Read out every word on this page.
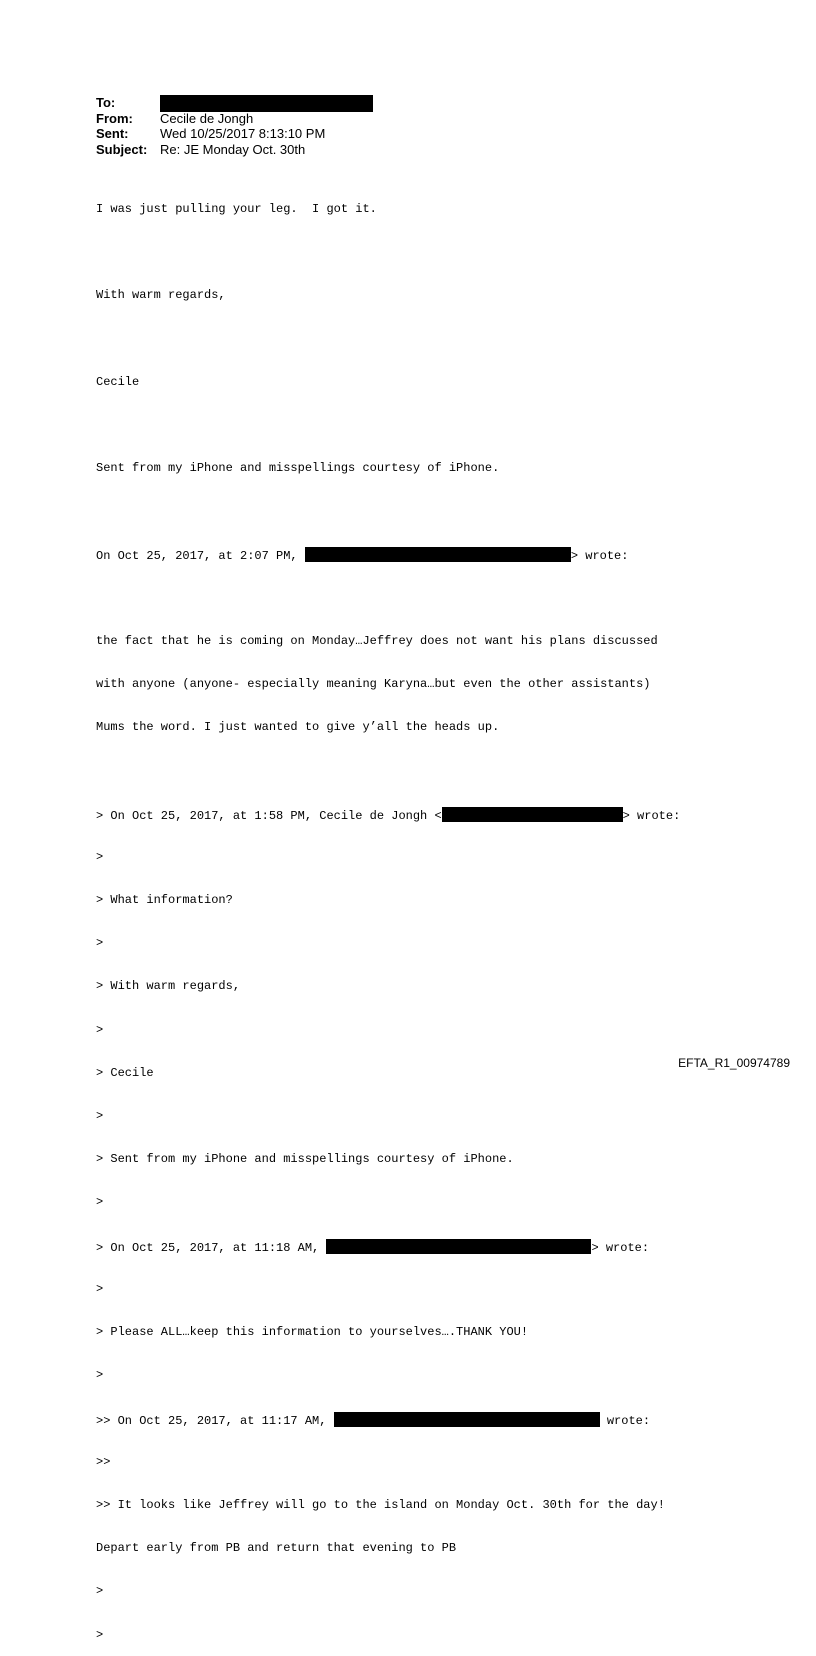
To:
From:	Cecile de Jongh
Sent:	Wed 10/25/2017 8:13:10 PM
Subject: Re: JE Monday Oct. 30th

I was just pulling your leg.  I got it.

With warm regards,

Cecile

Sent from my iPhone and misspellings courtesy of iPhone.

On Oct 25, 2017, at 2:07 PM,	> wrote:

the fact that he is coming on Monday…Jeffrey does not want his plans discussed

with anyone (anyone- especially meaning Karyna…but even the other assistants)

Mums the word. I just wanted to give y’all the heads up.

> On Oct 25, 2017, at 1:58 PM, Cecile de Jongh <	> wrote:

>

> What information?

>

> With warm regards,

>

> Cecile

>

> Sent from my iPhone and misspellings courtesy of iPhone.

>

> On Oct 25, 2017, at 11:18 AM,	> wrote:

>

> Please ALL…keep this information to yourselves….THANK YOU!

>

>> On Oct 25, 2017, at 11:17 AM,	wrote:

>>

>> It looks like Jeffrey will go to the island on Monday Oct. 30th for the day!

Depart early from PB and return that evening to PB

>

>

EFTA_R1_00974789
